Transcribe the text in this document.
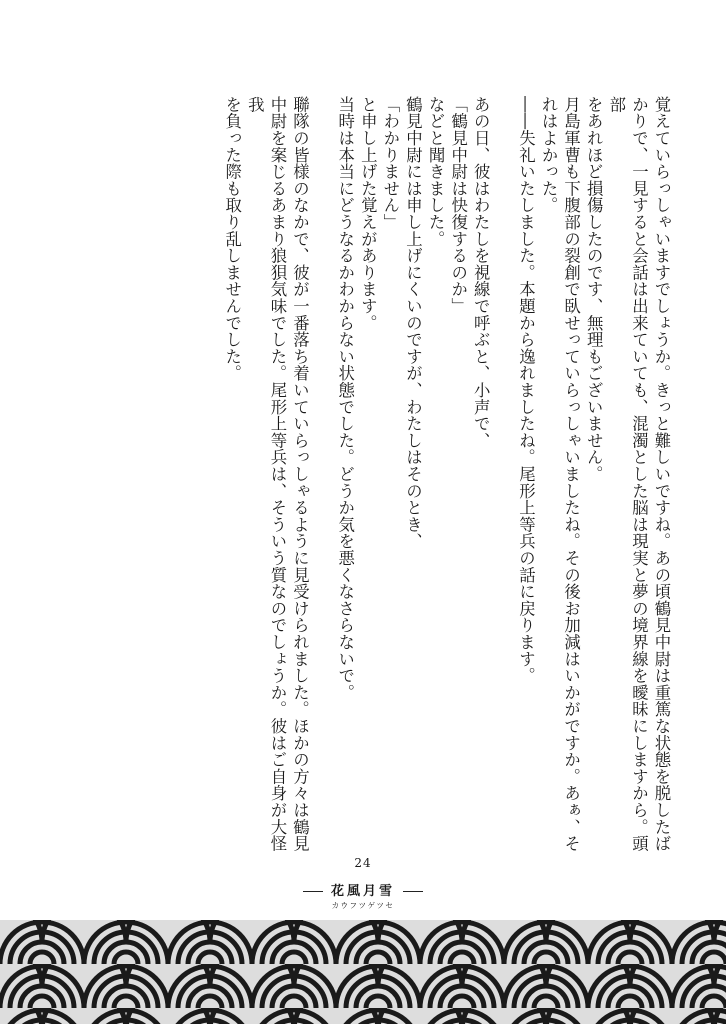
覚えていらっしゃいますでしょうか。きっと難しいですね。あの頃鶴見中尉は重篤な状態を脱したば
かりで、一見すると会話は出来ていても、混濁とした脳は現実と夢の境界線を曖昧にしますから。頭部
をあれほど損傷したのです、無理もございません。
月島軍曹も下腹部の裂創で臥せっていらっしゃいましたね。その後お加減はいかがですか。あぁ、そ
れはよかった。
――失礼いたしました。本題から逸れましたね。尾形上等兵の話に戻ります。

あの日、彼はわたしを視線で呼ぶと、小声で、
「鶴見中尉は快復するのか」
などと聞きました。
鶴見中尉には申し上げにくいのですが、わたしはそのとき、
「わかりません」
と申し上げた覚えがあります。
当時は本当にどうなるかわからない状態でした。どうか気を悪くなさらないで。

聯隊の皆様のなかで、彼が一番落ち着いていらっしゃるように見受けられました。ほかの方々は鶴見
中尉を案じるあまり狼狽気味でした。尾形上等兵は、そういう質なのでしょうか。彼はご自身が大怪我
を負った際も取り乱しませんでした。
24
花風月雪
カウフツゲツセ
